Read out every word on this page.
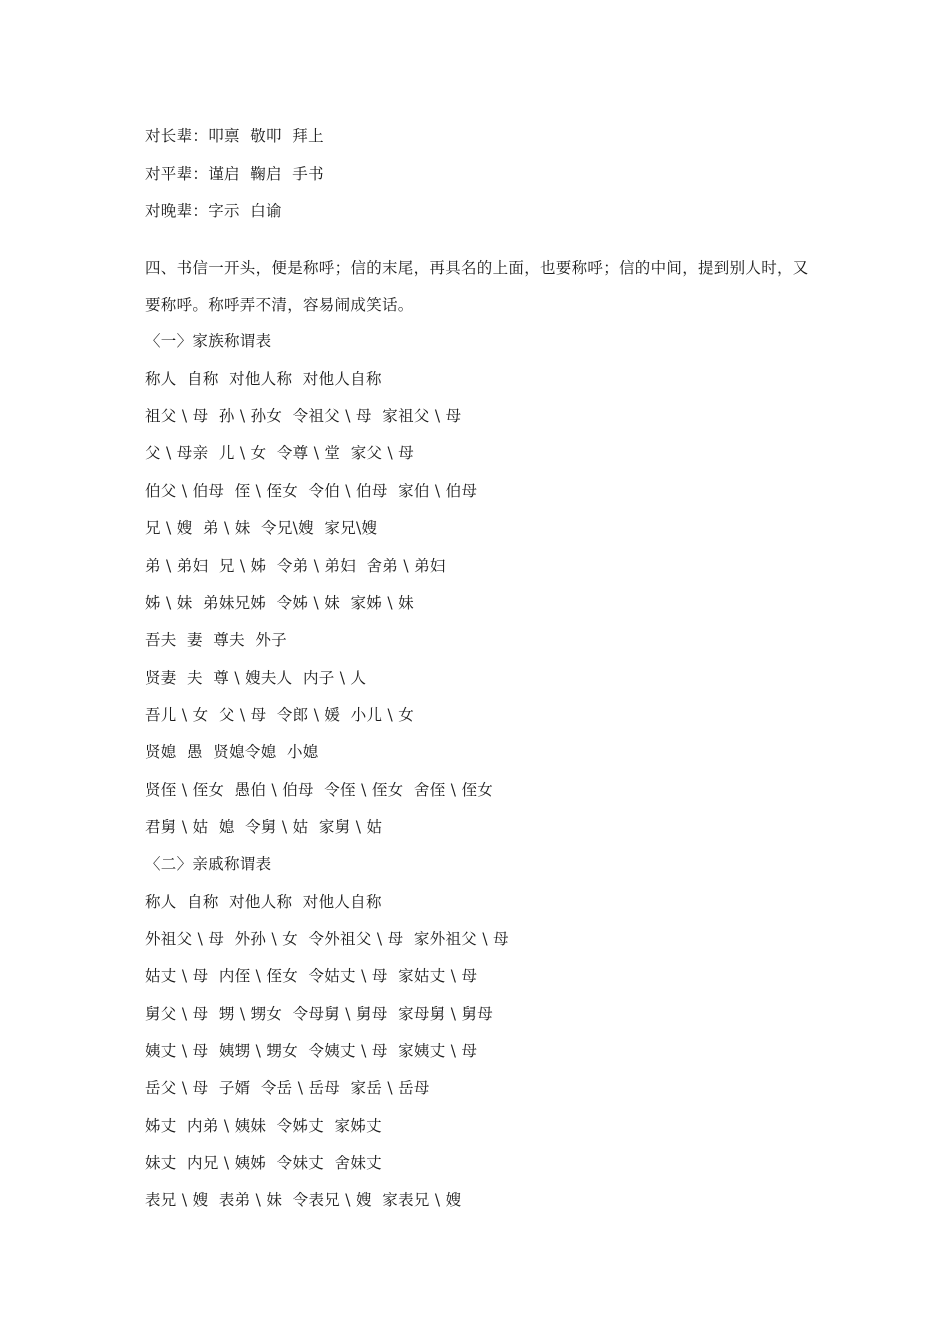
对长辈：叩禀  敬叩  拜上
对平辈：谨启  鞠启  手书
对晚辈：字示  白谕
四、书信一开头，便是称呼；信的末尾，再具名的上面，也要称呼；信的中间，提到别人时，又要称呼。称呼弄不清，容易闹成笑话。
〈一〉家族称谓表
称人  自称  对他人称  对他人自称
祖父 \ 母  孙 \ 孙女  令祖父 \ 母  家祖父 \ 母
父 \ 母亲  儿 \ 女  令尊 \ 堂  家父 \ 母
伯父 \ 伯母  侄 \ 侄女  令伯 \ 伯母  家伯 \ 伯母
兄 \ 嫂  弟 \ 妹  令兄\嫂  家兄\嫂
弟 \ 弟妇  兄 \ 姊  令弟 \ 弟妇  舍弟 \ 弟妇
姊 \ 妹  弟妹兄姊  令姊 \ 妹  家姊 \ 妹
吾夫  妻  尊夫  外子
贤妻  夫  尊 \ 嫂夫人  内子 \ 人
吾儿 \ 女  父 \ 母  令郎 \ 媛  小儿 \ 女
贤媳  愚  贤媳令媳  小媳
贤侄 \ 侄女  愚伯 \ 伯母  令侄 \ 侄女  舍侄 \ 侄女
君舅 \ 姑  媳  令舅 \ 姑  家舅 \ 姑
〈二〉亲戚称谓表
称人  自称  对他人称  对他人自称
外祖父 \ 母  外孙 \ 女  令外祖父 \ 母  家外祖父 \ 母
姑丈 \ 母  内侄 \ 侄女  令姑丈 \ 母  家姑丈 \ 母
舅父 \ 母  甥 \ 甥女  令母舅 \ 舅母  家母舅 \ 舅母
姨丈 \ 母  姨甥 \ 甥女  令姨丈 \ 母  家姨丈 \ 母
岳父 \ 母  子婿  令岳 \ 岳母  家岳 \ 岳母
姊丈  内弟 \ 姨妹  令姊丈  家姊丈
妹丈  内兄 \ 姨姊  令妹丈  舍妹丈
表兄 \ 嫂  表弟 \ 妹  令表兄 \ 嫂  家表兄 \ 嫂
